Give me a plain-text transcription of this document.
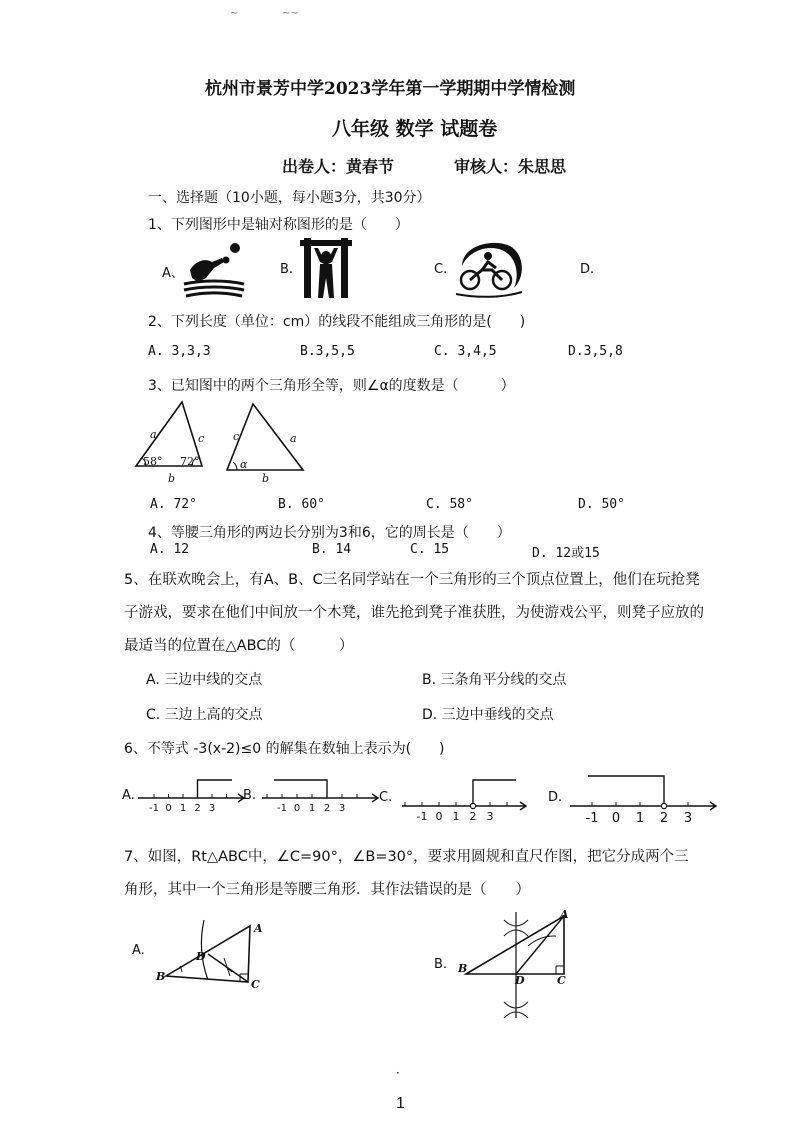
~	~~
杭州市景芳中学2023学年第一学期期中学情检测
八年级 数学 试题卷
出卷人：黄春节	审核人：朱思思
一、选择题（10小题，每小题3分，共30分）
1、下列图形中是轴对称图形的是（　　）
A、	B.	C.	D.
2、下列长度（单位：cm）的线段不能组成三角形的是(　　)
A. 3,3,3	B.3,5,5	C. 3,4,5	D.3,5,8
3、已知图中的两个三角形全等，则∠α的度数是（　　　）
a	c
b
58° 72°
c	a
b
α
A. 72°	B. 60°	C. 58°	D. 50°
4、等腰三角形的两边长分别为3和6，它的周长是（　　）
A. 12	B. 14	C. 15	D. 12或15
5、在联欢晚会上，有A、B、C三名同学站在一个三角形的三个顶点位置上，他们在玩抢凳
子游戏，要求在他们中间放一个木凳，谁先抢到凳子准获胜，为使游戏公平，则凳子应放的
最适当的位置在△ABC的（　　　）
A. 三边中线的交点	B. 三条角平分线的交点
C. 三边上高的交点	D. 三边中垂线的交点
6、不等式 -3(x-2)≤0 的解集在数轴上表示为(　　)
A.	B.	C.	D.
-1 0 1 2 3	-1 0 1 2 3
-1 0 1 2 3	-1 0 1 2 3
7、如图，Rt△ABC中，∠C=90°，∠B=30°，要求用圆规和直尺作图，把它分成两个三
角形，其中一个三角形是等腰三角形．其作法错误的是（　　）
A.
A
B
C
D
B.
A
B
C
D
·
1
